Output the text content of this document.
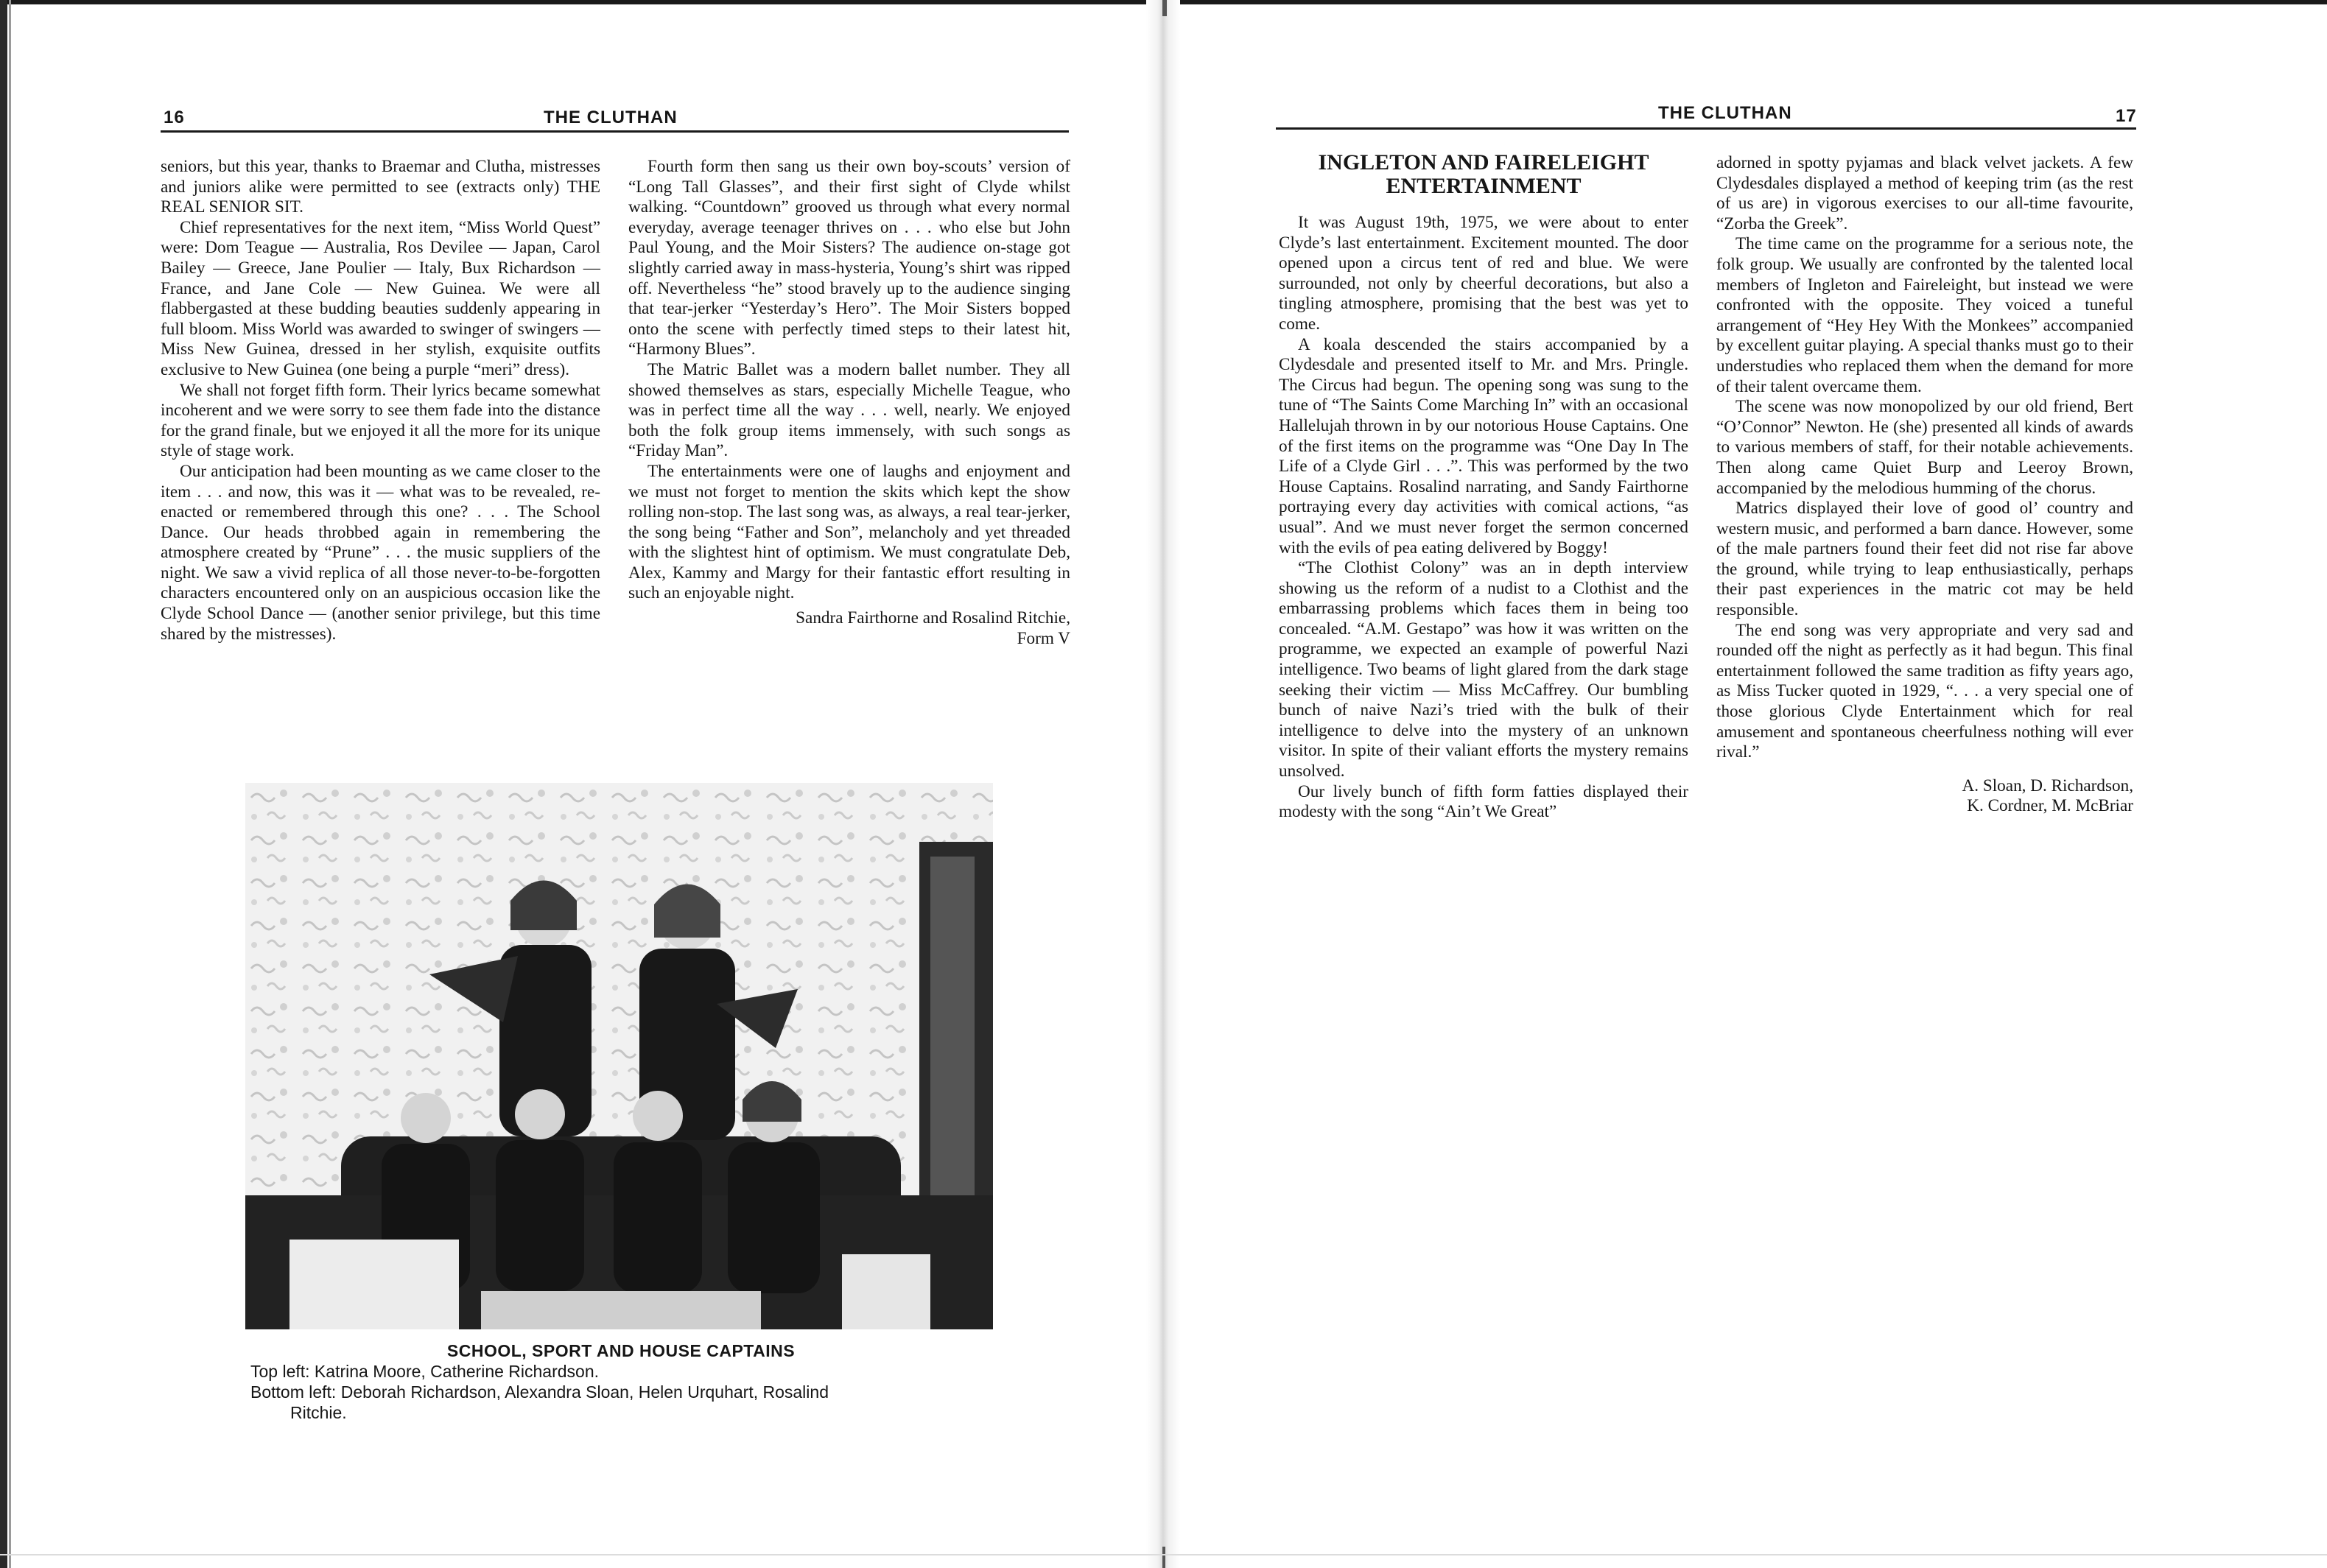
16	THE CLUTHAN

seniors, but this year, thanks to Braemar and Clutha, mistresses and juniors alike were permitted to see (extracts only) THE REAL SENIOR SIT.

Chief representatives for the next item, “Miss World Quest” were: Dom Teague — Australia, Ros Devilee — Japan, Carol Bailey — Greece, Jane Poulier — Italy, Bux Richardson — France, and Jane Cole — New Guinea. We were all flabbergasted at these budding beauties suddenly appearing in full bloom. Miss World was awarded to swinger of swingers — Miss New Guinea, dressed in her stylish, exquisite outfits exclusive to New Guinea (one being a purple “meri” dress).

We shall not forget fifth form. Their lyrics became somewhat incoherent and we were sorry to see them fade into the distance for the grand finale, but we enjoyed it all the more for its unique style of stage work.

Our anticipation had been mounting as we came closer to the item . . . and now, this was it — what was to be revealed, re-enacted or remembered through this one? . . . The School Dance. Our heads throbbed again in remembering the atmosphere created by “Prune” . . . the music suppliers of the night. We saw a vivid replica of all those never-to-be-forgotten characters encountered only on an auspicious occasion like the Clyde School Dance — (another senior privilege, but this time shared by the mistresses).

Fourth form then sang us their own boy-scouts’ version of “Long Tall Glasses”, and their first sight of Clyde whilst walking. “Countdown” grooved us through what every normal everyday, average teenager thrives on . . . who else but John Paul Young, and the Moir Sisters? The audience on-stage got slightly carried away in mass-hysteria, Young’s shirt was ripped off. Nevertheless “he” stood bravely up to the audience singing that tear-jerker “Yesterday’s Hero”. The Moir Sisters bopped onto the scene with perfectly timed steps to their latest hit, “Harmony Blues”.

The Matric Ballet was a modern ballet number. They all showed themselves as stars, especially Michelle Teague, who was in perfect time all the way . . . well, nearly. We enjoyed both the folk group items immensely, with such songs as “Friday Man”.

The entertainments were one of laughs and enjoyment and we must not forget to mention the skits which kept the show rolling non-stop. The last song was, as always, a real tear-jerker, the song being “Father and Son”, melancholy and yet threaded with the slightest hint of optimism. We must congratulate Deb, Alex, Kammy and Margy for their fantastic effort resulting in such an enjoyable night.

Sandra Fairthorne and Rosalind Ritchie,
Form V
SCHOOL, SPORT AND HOUSE CAPTAINS
Top left: Katrina Moore, Catherine Richardson.
Bottom left: Deborah Richardson, Alexandra Sloan, Helen Urquhart, Rosalind
Ritchie.
THE CLUTHAN	17
INGLETON AND FAIRELEIGHT
ENTERTAINMENT

It was August 19th, 1975, we were about to enter Clyde’s last entertainment. Excitement mounted. The door opened upon a circus tent of red and blue. We were surrounded, not only by cheerful decorations, but also a tingling atmosphere, promising that the best was yet to come.

A koala descended the stairs accompanied by a Clydesdale and presented itself to Mr. and Mrs. Pringle. The Circus had begun. The opening song was sung to the tune of “The Saints Come Marching In” with an occasional Hallelujah thrown in by our notorious House Captains. One of the first items on the programme was “One Day In The Life of a Clyde Girl . . .”. This was performed by the two House Captains. Rosalind narrating, and Sandy Fairthorne portraying every day activities with comical actions, “as usual”. And we must never forget the sermon concerned with the evils of pea eating delivered by Boggy!

“The Clothist Colony” was an in depth interview showing us the reform of a nudist to a Clothist and the embarrassing problems which faces them in being too concealed. “A.M. Gestapo” was how it was written on the programme, we expected an example of powerful Nazi intelligence. Two beams of light glared from the dark stage seeking their victim — Miss McCaffrey. Our bumbling bunch of naive Nazi’s tried with the bulk of their intelligence to delve into the mystery of an unknown visitor. In spite of their valiant efforts the mystery remains unsolved.

Our lively bunch of fifth form fatties displayed their modesty with the song “Ain’t We Great”

adorned in spotty pyjamas and black velvet jackets. A few Clydesdales displayed a method of keeping trim (as the rest of us are) in vigorous exercises to our all-time favourite, “Zorba the Greek”.

The time came on the programme for a serious note, the folk group. We usually are confronted by the talented local members of Ingleton and Faireleight, but instead we were confronted with the opposite. They voiced a tuneful arrangement of “Hey Hey With the Monkees” accompanied by excellent guitar playing. A special thanks must go to their understudies who replaced them when the demand for more of their talent overcame them.

The scene was now monopolized by our old friend, Bert “O’Connor” Newton. He (she) presented all kinds of awards to various members of staff, for their notable achievements. Then along came Quiet Burp and Leeroy Brown, accompanied by the melodious humming of the chorus.

Matrics displayed their love of good ol’ country and western music, and performed a barn dance. However, some of the male partners found their feet did not rise far above the ground, while trying to leap enthusiastically, perhaps their past experiences in the matric cot may be held responsible.

The end song was very appropriate and very sad and rounded off the night as perfectly as it had begun. This final entertainment followed the same tradition as fifty years ago, as Miss Tucker quoted in 1929, “. . . a very special one of those glorious Clyde Entertainment which for real amusement and spontaneous cheerfulness nothing will ever rival.”

A. Sloan, D. Richardson,
K. Cordner, M. McBriar
